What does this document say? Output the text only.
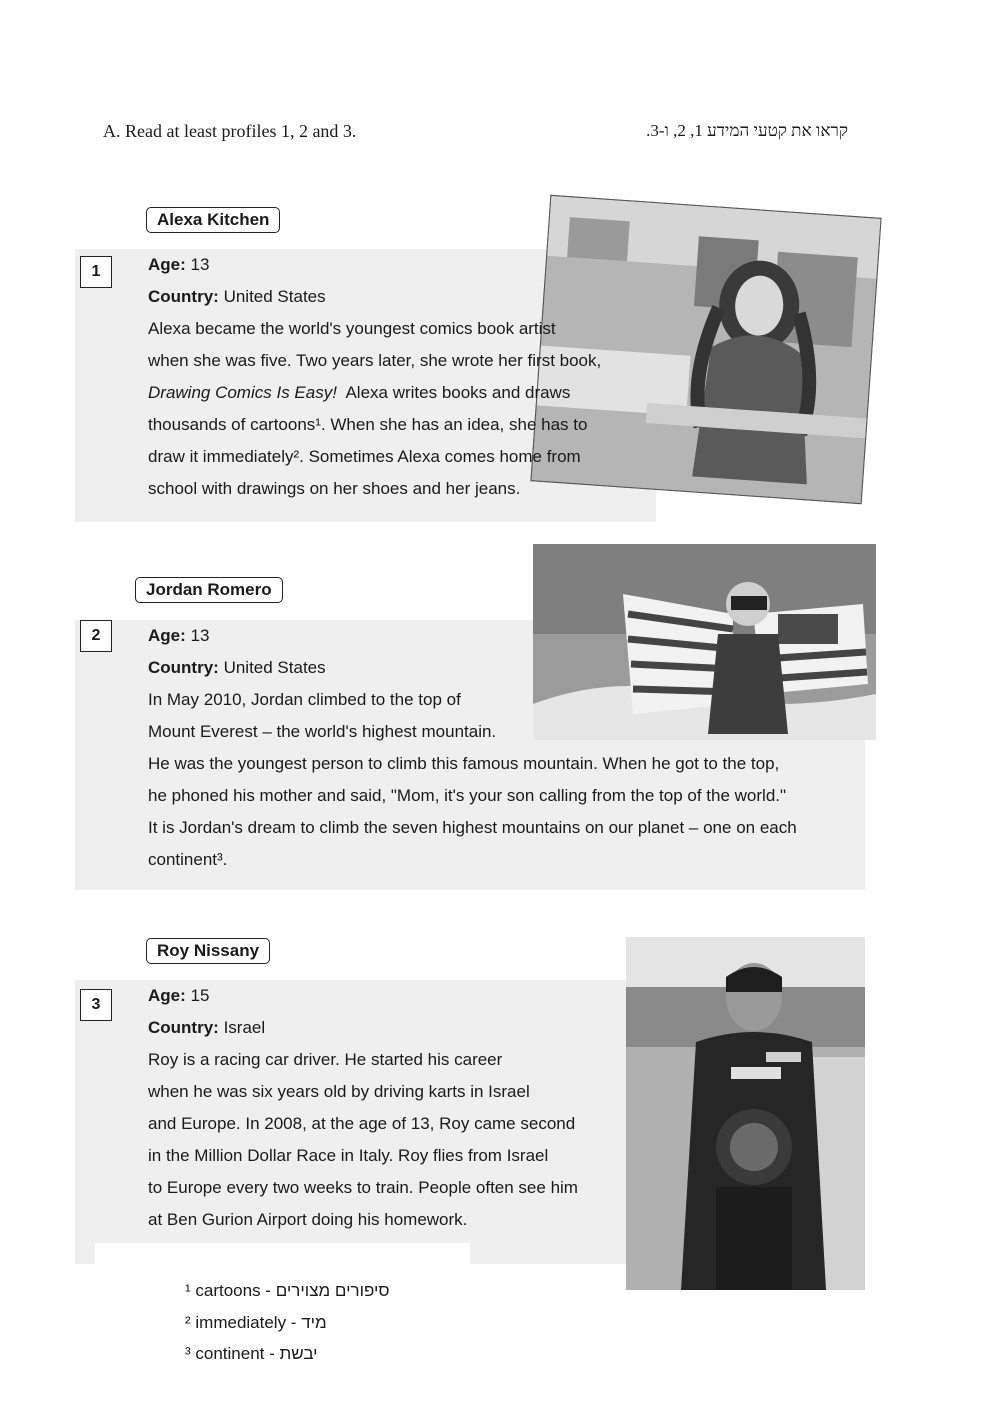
A. Read at least profiles 1, 2 and 3.	קראו את קטעי המידע 1, 2, ו-3.
Alexa Kitchen
1	Age: 13
Country: United States
Alexa became the world's youngest comics book artist
when she was five. Two years later, she wrote her first book,
Drawing Comics Is Easy! Alexa writes books and draws
thousands of cartoons¹. When she has an idea, she has to
draw it immediately². Sometimes Alexa comes home from
school with drawings on her shoes and her jeans.
Jordan Romero
2	Age: 13
Country: United States
In May 2010, Jordan climbed to the top of
Mount Everest – the world's highest mountain.
He was the youngest person to climb this famous mountain. When he got to the top,
he phoned his mother and said, "Mom, it's your son calling from the top of the world."
It is Jordan's dream to climb the seven highest mountains on our planet – one on each
continent³.
Roy Nissany
3	Age: 15
Country: Israel
Roy is a racing car driver. He started his career
when he was six years old by driving karts in Israel
and Europe. In 2008, at the age of 13, Roy came second
in the Million Dollar Race in Italy. Roy flies from Israel
to Europe every two weeks to train. People often see him
at Ben Gurion Airport doing his homework.
¹ cartoons - סיפורים מצוירים
² immediately - מיד
³ continent - יבשת
